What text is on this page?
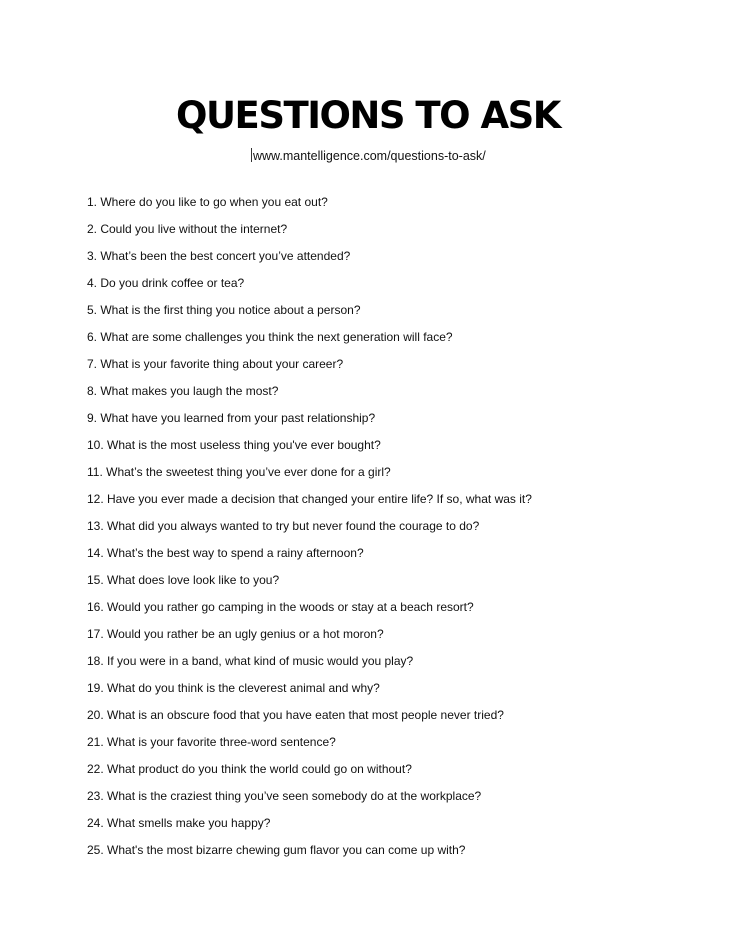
QUESTIONS TO ASK
www.mantelligence.com/questions-to-ask/
1. Where do you like to go when you eat out?
2. Could you live without the internet?
3. What’s been the best concert you’ve attended?
4. Do you drink coffee or tea?
5. What is the first thing you notice about a person?
6. What are some challenges you think the next generation will face?
7. What is your favorite thing about your career?
8. What makes you laugh the most?
9. What have you learned from your past relationship?
10. What is the most useless thing you've ever bought?
11. What’s the sweetest thing you’ve ever done for a girl?
12. Have you ever made a decision that changed your entire life? If so, what was it?
13. What did you always wanted to try but never found the courage to do?
14. What’s the best way to spend a rainy afternoon?
15. What does love look like to you?
16. Would you rather go camping in the woods or stay at a beach resort?
17. Would you rather be an ugly genius or a hot moron?
18. If you were in a band, what kind of music would you play?
19. What do you think is the cleverest animal and why?
20. What is an obscure food that you have eaten that most people never tried?
21. What is your favorite three-word sentence?
22. What product do you think the world could go on without?
23. What is the craziest thing you’ve seen somebody do at the workplace?
24. What smells make you happy?
25. What's the most bizarre chewing gum flavor you can come up with?
